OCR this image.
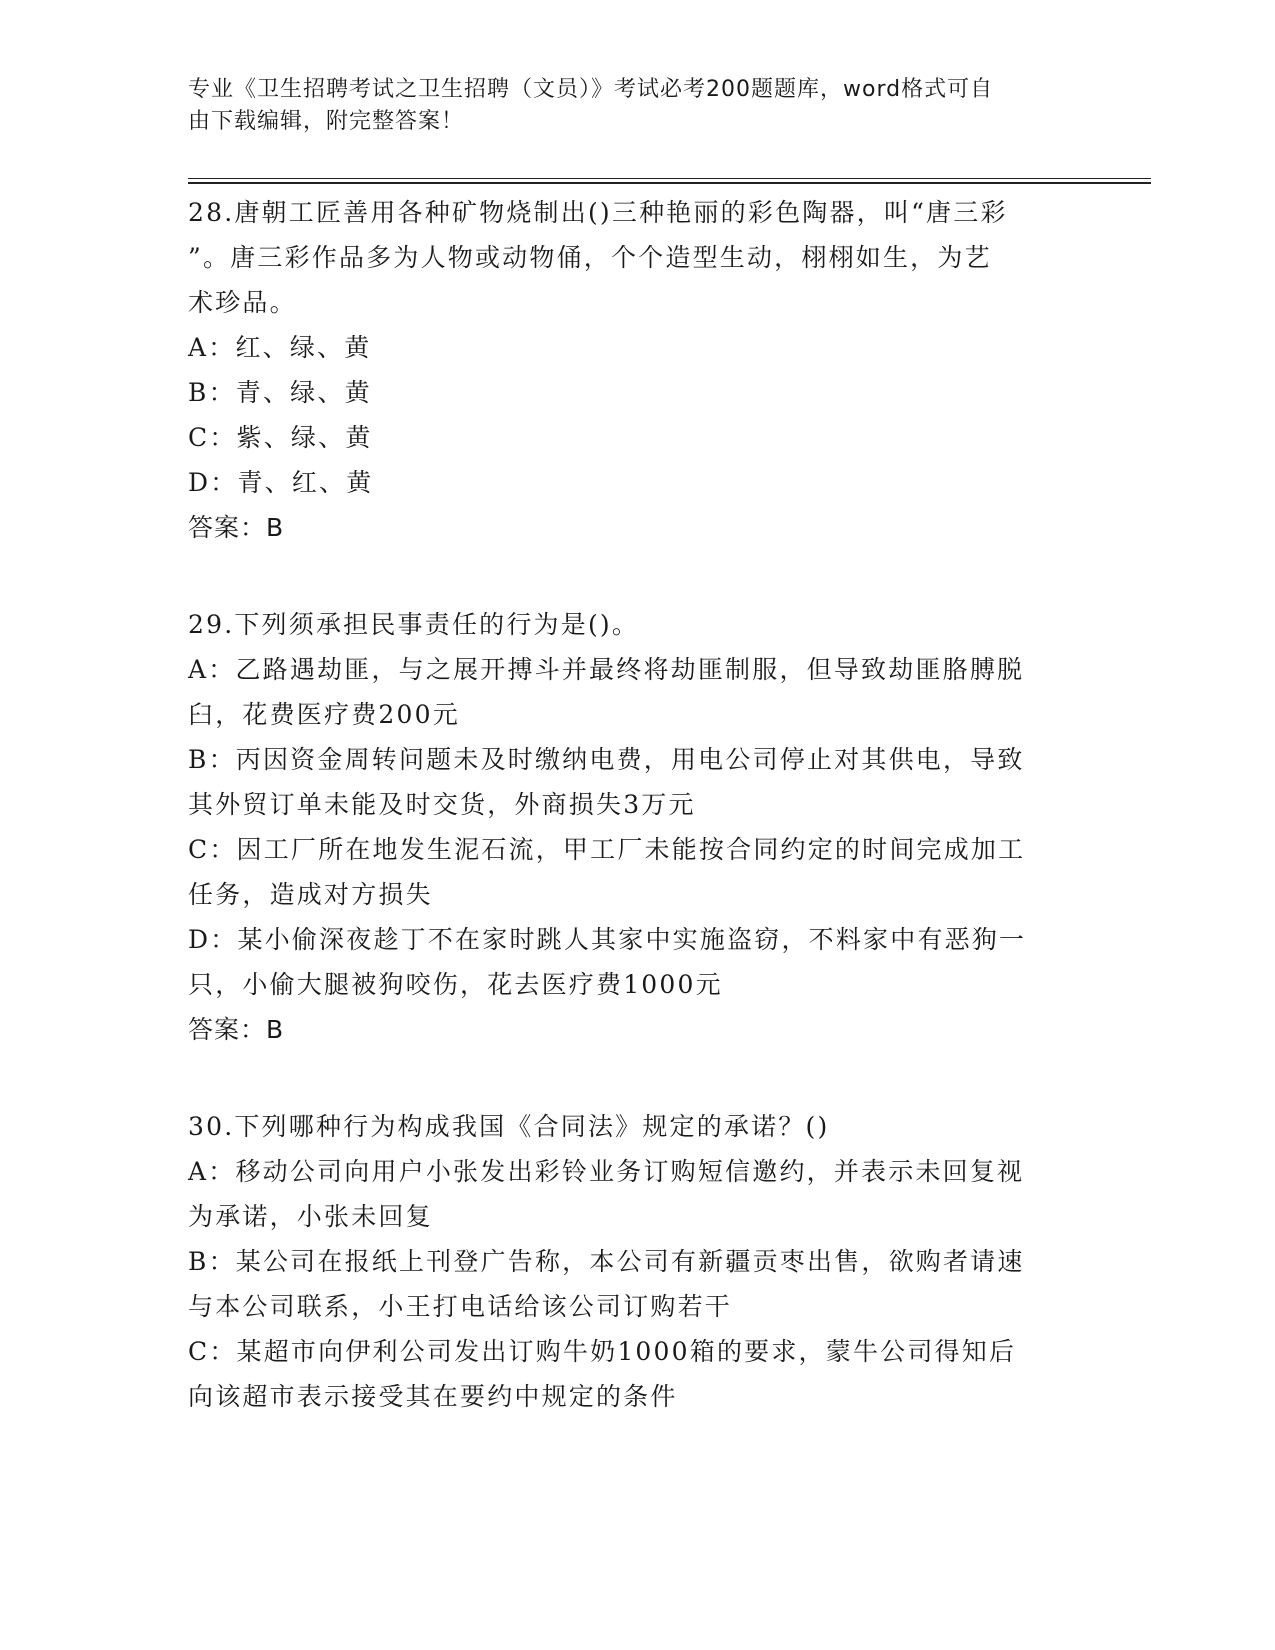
专业《卫生招聘考试之卫生招聘（文员）》考试必考200题题库，word格式可自
由下载编辑，附完整答案！
28.唐朝工匠善用各种矿物烧制出()三种艳丽的彩色陶器，叫“唐三彩
”。唐三彩作品多为人物或动物俑，个个造型生动，栩栩如生，为艺
术珍品。
A：红、绿、黄
B：青、绿、黄
C：紫、绿、黄
D：青、红、黄
答案：B
29.下列须承担民事责任的行为是()。
A：乙路遇劫匪，与之展开搏斗并最终将劫匪制服，但导致劫匪胳膊脱
臼，花费医疗费200元
B：丙因资金周转问题未及时缴纳电费，用电公司停止对其供电，导致
其外贸订单未能及时交货，外商损失3万元
C：因工厂所在地发生泥石流，甲工厂未能按合同约定的时间完成加工
任务，造成对方损失
D：某小偷深夜趁丁不在家时跳人其家中实施盗窃，不料家中有恶狗一
只，小偷大腿被狗咬伤，花去医疗费1000元
答案：B
30.下列哪种行为构成我国《合同法》规定的承诺？()
A：移动公司向用户小张发出彩铃业务订购短信邀约，并表示未回复视
为承诺，小张未回复
B：某公司在报纸上刊登广告称，本公司有新疆贡枣出售，欲购者请速
与本公司联系，小王打电话给该公司订购若干
C：某超市向伊利公司发出订购牛奶1000箱的要求，蒙牛公司得知后
向该超市表示接受其在要约中规定的条件
